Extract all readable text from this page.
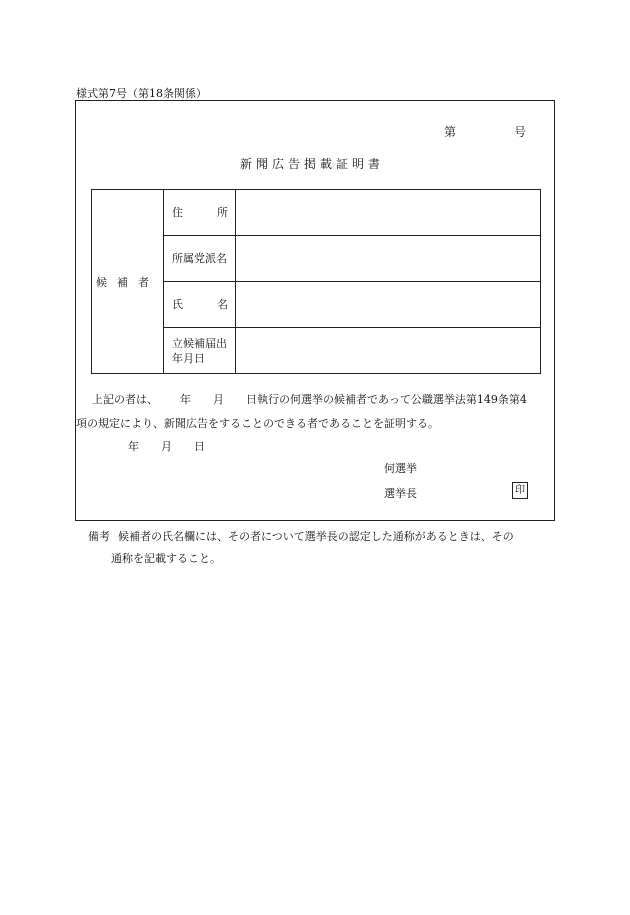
様式第7号（第18条関係）
第	号
新聞広告掲載証明書
候補者	住 所	

	所属党派名	

	氏 名	

	立候補届出
年月日	

上記の者は、 年 月 日執行の何選挙の候補者であって公職選挙法第149条第4
項の規定により、新聞広告をすることのできる者であることを証明する。
年 月 日
何選挙
選挙長	印
備考 候補者の氏名欄には、その者について選挙長の認定した通称があるときは、その
通称を記載すること。
